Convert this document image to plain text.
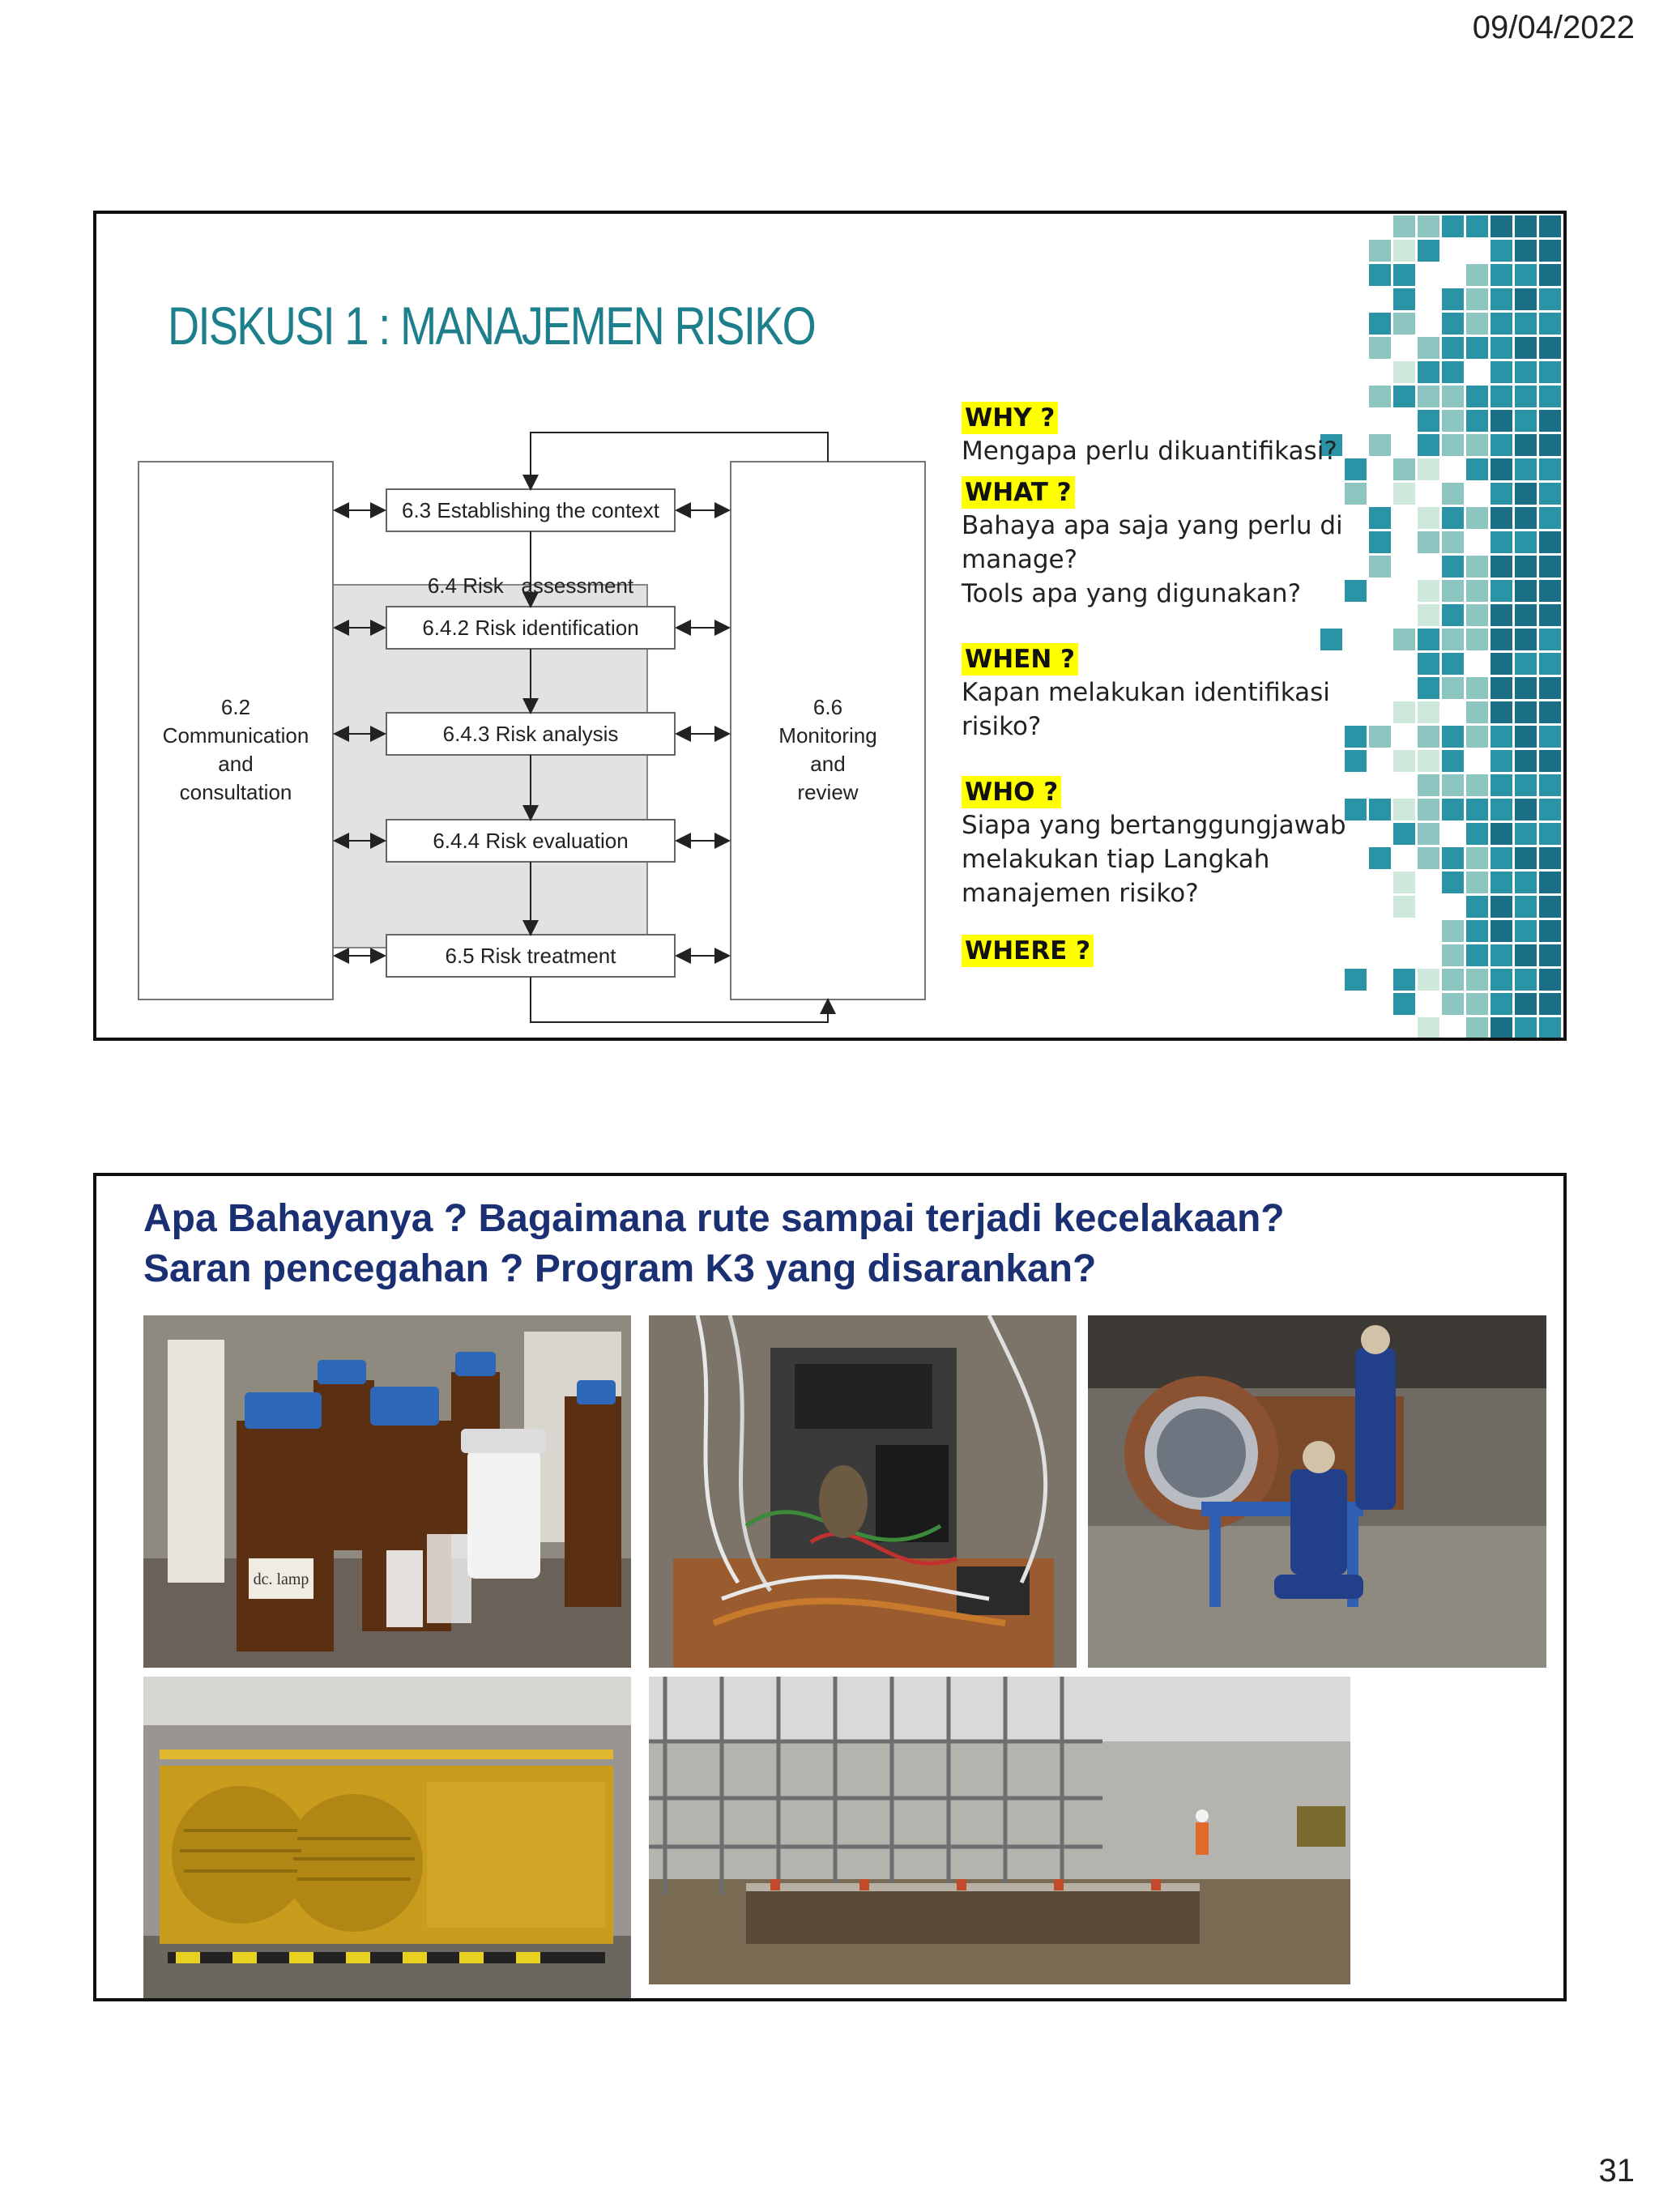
09/04/2022
DISKUSI 1 : MANAJEMEN RISIKO
6.3 Establishing the context
6.4 Risk   assessment
6.4.2 Risk identification
6.4.3 Risk analysis
6.4.4 Risk evaluation
6.5 Risk treatment
6.2
Communication
and
consultation
6.6
Monitoring
and
review
WHY ?
Mengapa perlu dikuantifikasi?
WHAT ?
Bahaya apa saja yang perlu di
manage?
Tools apa yang digunakan?
WHEN ?
Kapan melakukan identifikasi
risiko?
WHO ?
Siapa yang bertanggungjawab
melakukan tiap Langkah
manajemen risiko?
WHERE ?
Apa Bahayanya ? Bagaimana rute sampai terjadi kecelakaan?
Saran pencegahan ? Program K3 yang disarankan?
dc. lamp
31
